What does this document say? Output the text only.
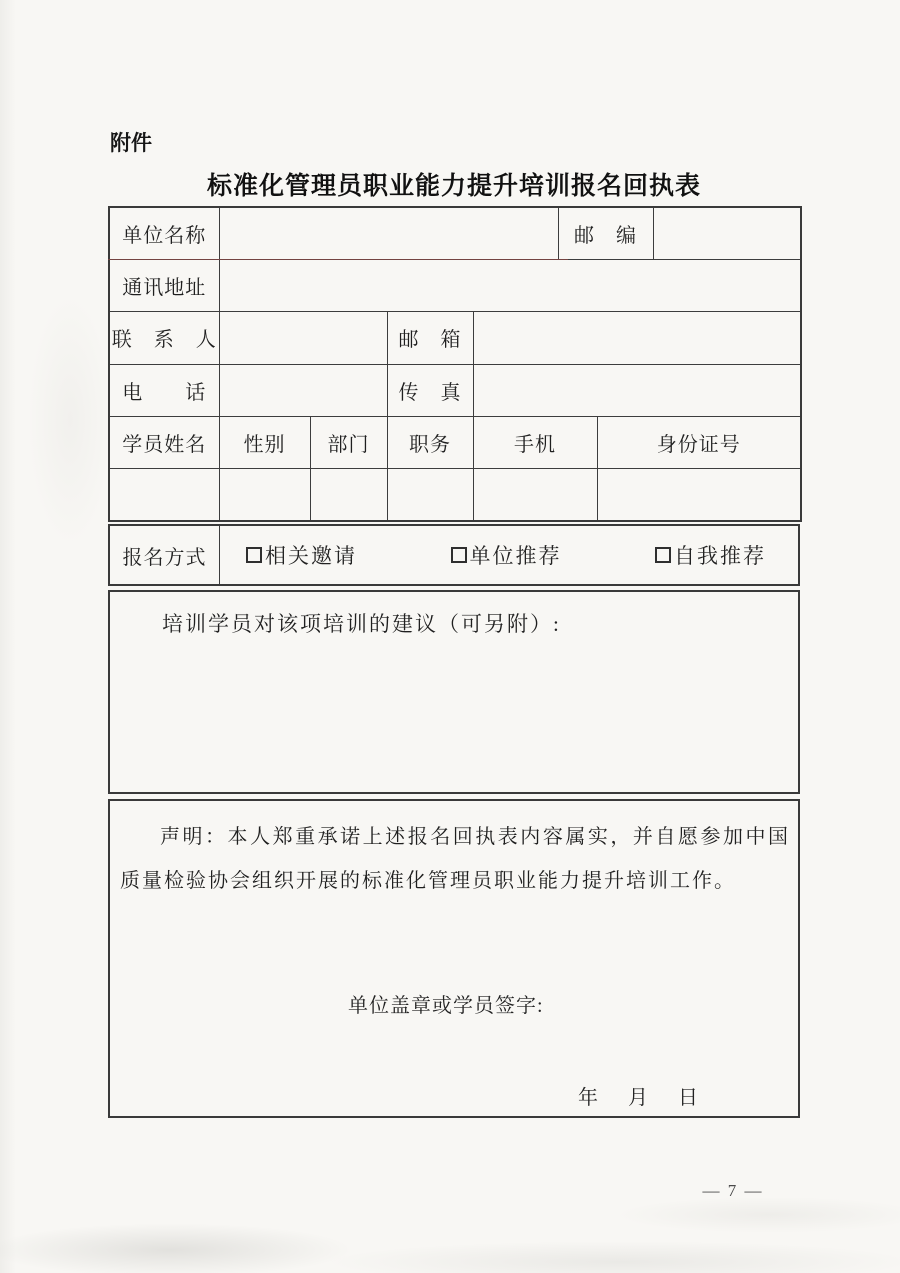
附件
标准化管理员职业能力提升培训报名回执表
单位名称					邮　编		
通讯地址							
联　系　人			邮　箱				
电　　话			传　真				
学员姓名	性别	部门	职务	手机		身份证号	

报名方式	相关邀请	单位推荐	自我推荐
培训学员对该项培训的建议（可另附）:

声明：本人郑重承诺上述报名回执表内容属实，并自愿参加中国质量检验协会组织开展的标准化管理员职业能力提升培训工作。

单位盖章或学员签字:
年　月　日
— 7 —
